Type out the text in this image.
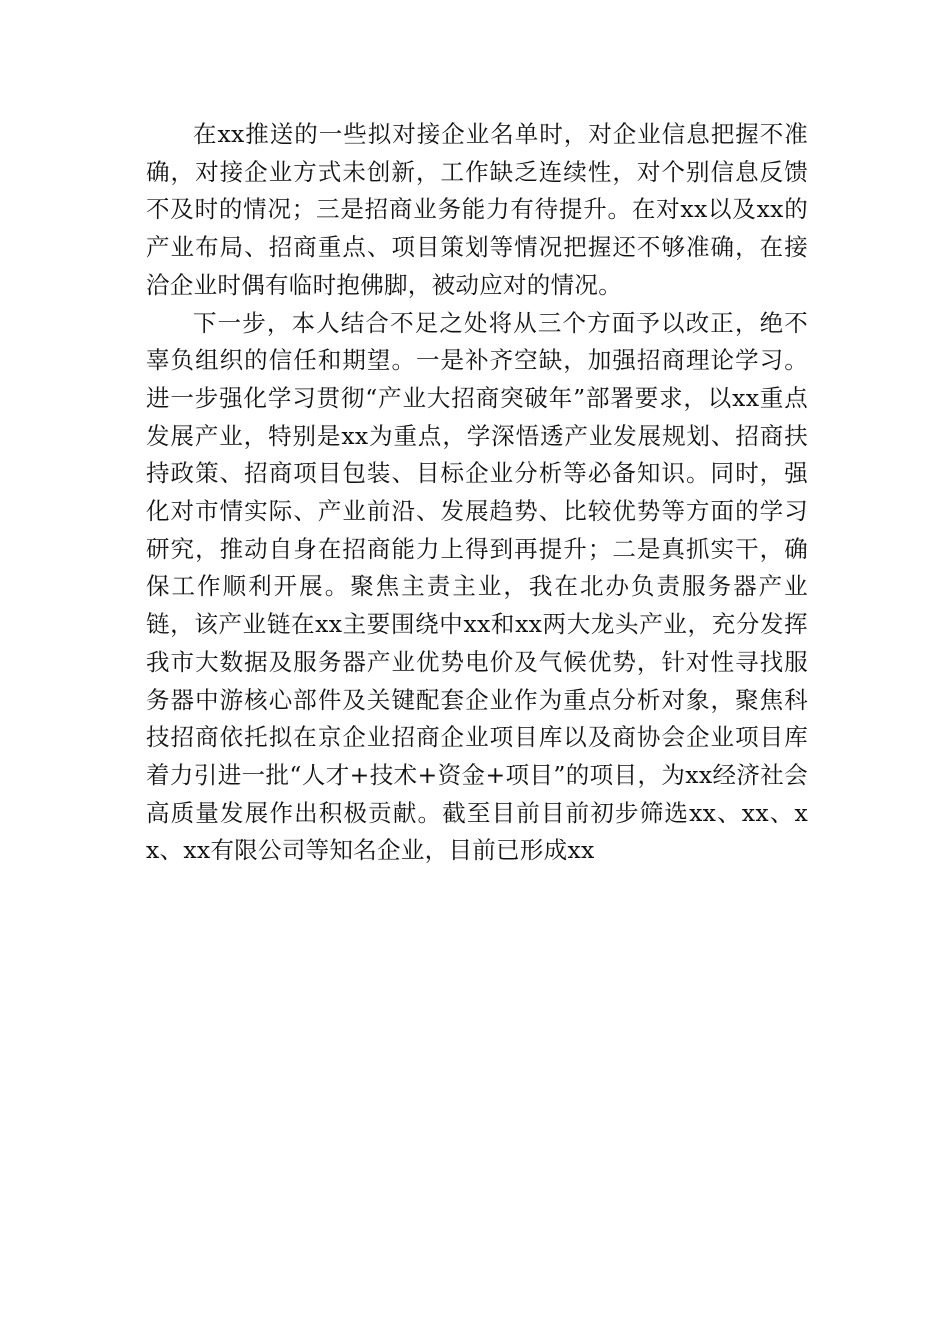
在xx推送的一些拟对接企业名单时，对企业信息把握不准确，对接企业方式未创新，工作缺乏连续性，对个别信息反馈不及时的情况；三是招商业务能力有待提升。在对xx以及xx的产业布局、招商重点、项目策划等情况把握还不够准确，在接洽企业时偶有临时抱佛脚，被动应对的情况。

下一步，本人结合不足之处将从三个方面予以改正，绝不辜负组织的信任和期望。一是补齐空缺，加强招商理论学习。进一步强化学习贯彻“产业大招商突破年”部署要求，以xx重点发展产业，特别是xx为重点，学深悟透产业发展规划、招商扶持政策、招商项目包装、目标企业分析等必备知识。同时，强化对市情实际、产业前沿、发展趋势、比较优势等方面的学习研究，推动自身在招商能力上得到再提升；二是真抓实干，确保工作顺利开展。聚焦主责主业，我在北办负责服务器产业链，该产业链在xx主要围绕中xx和xx两大龙头产业，充分发挥我市大数据及服务器产业优势电价及气候优势，针对性寻找服务器中游核心部件及关键配套企业作为重点分析对象，聚焦科技招商依托拟在京企业招商企业项目库以及商协会企业项目库着力引进一批“人才+技术+资金+项目”的项目，为xx经济社会高质量发展作出积极贡献。截至目前目前初步筛选xx、xx、xx、xx有限公司等知名企业，目前已形成xx
